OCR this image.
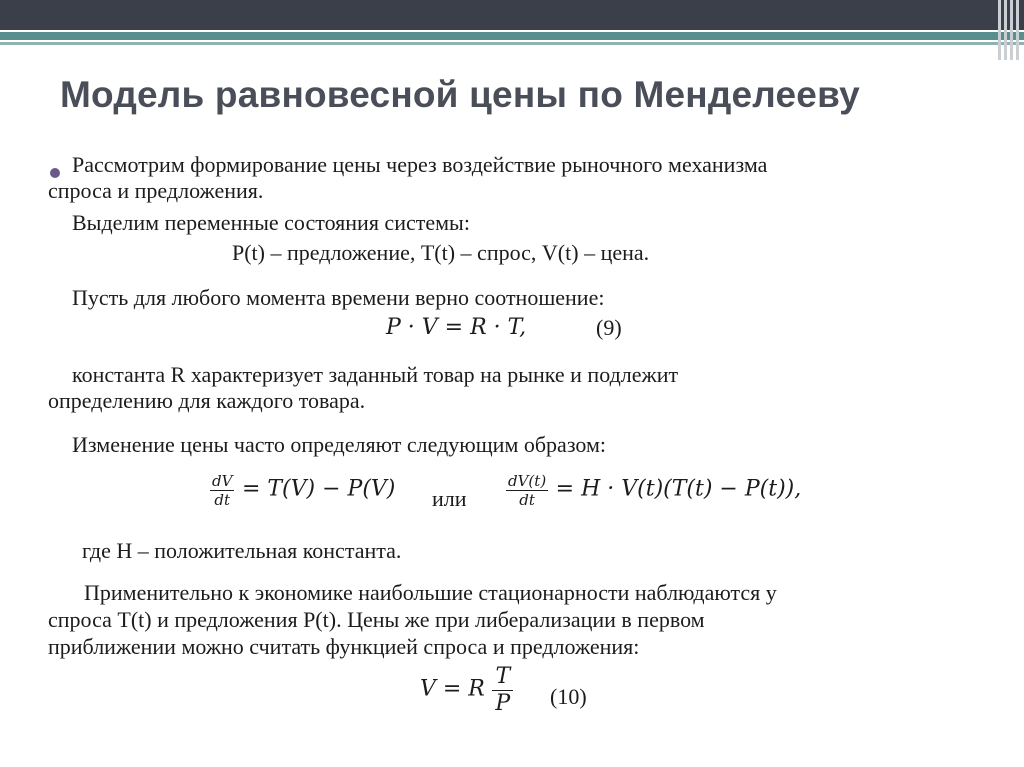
Модель равновесной цены по Менделееву
Рассмотрим формирование цены через воздействие рыночного механизма
спроса и предложения.
Выделим переменные состояния системы:
P(t) – предложение, T(t) – спрос, V(t) – цена.
Пусть для любого момента времени верно соотношение:
P · V = R · T,	(9)
константа R характеризует заданный товар на рынке и подлежит
определению для каждого товара.
Изменение цены часто определяют следующим образом:
$\frac{dV}{dt} = T(V) - P(V)$ или	$\frac{dV(t)}{dt} = H \cdot V(t)(T(t) - P(t))$,
где H – положительная константа.
Применительно к экономике наибольшие стационарности наблюдаются у
спроса T(t) и предложения P(t). Цены же при либерализации в первом
приближении можно считать функцией спроса и предложения:
V = R $\frac{T}{P} (10)$
